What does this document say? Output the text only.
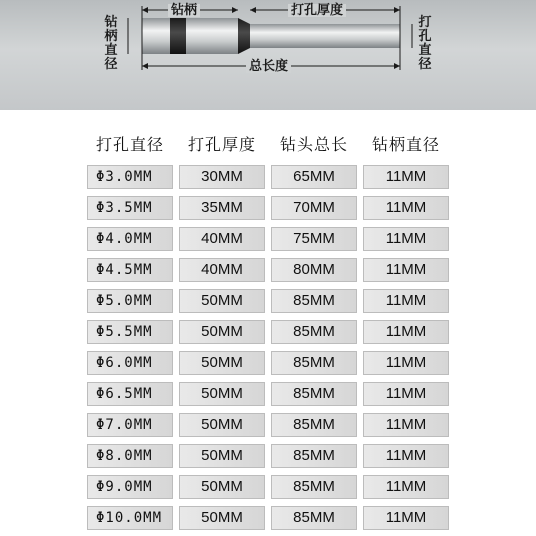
钻柄	打孔厚度
总长度
钻柄直径
打孔直径
打孔直径	打孔厚度	钻头总长	钻柄直径

Φ3.0MM	30MM	65MM	11MM

Φ3.5MM	35MM	70MM	11MM

Φ4.0MM	40MM	75MM	11MM

Φ4.5MM	40MM	80MM	11MM

Φ5.0MM	50MM	85MM	11MM

Φ5.5MM	50MM	85MM	11MM

Φ6.0MM	50MM	85MM	11MM

Φ6.5MM	50MM	85MM	11MM

Φ7.0MM	50MM	85MM	11MM

Φ8.0MM	50MM	85MM	11MM

Φ9.0MM	50MM	85MM	11MM

Φ10.0MM	50MM	85MM	11MM
